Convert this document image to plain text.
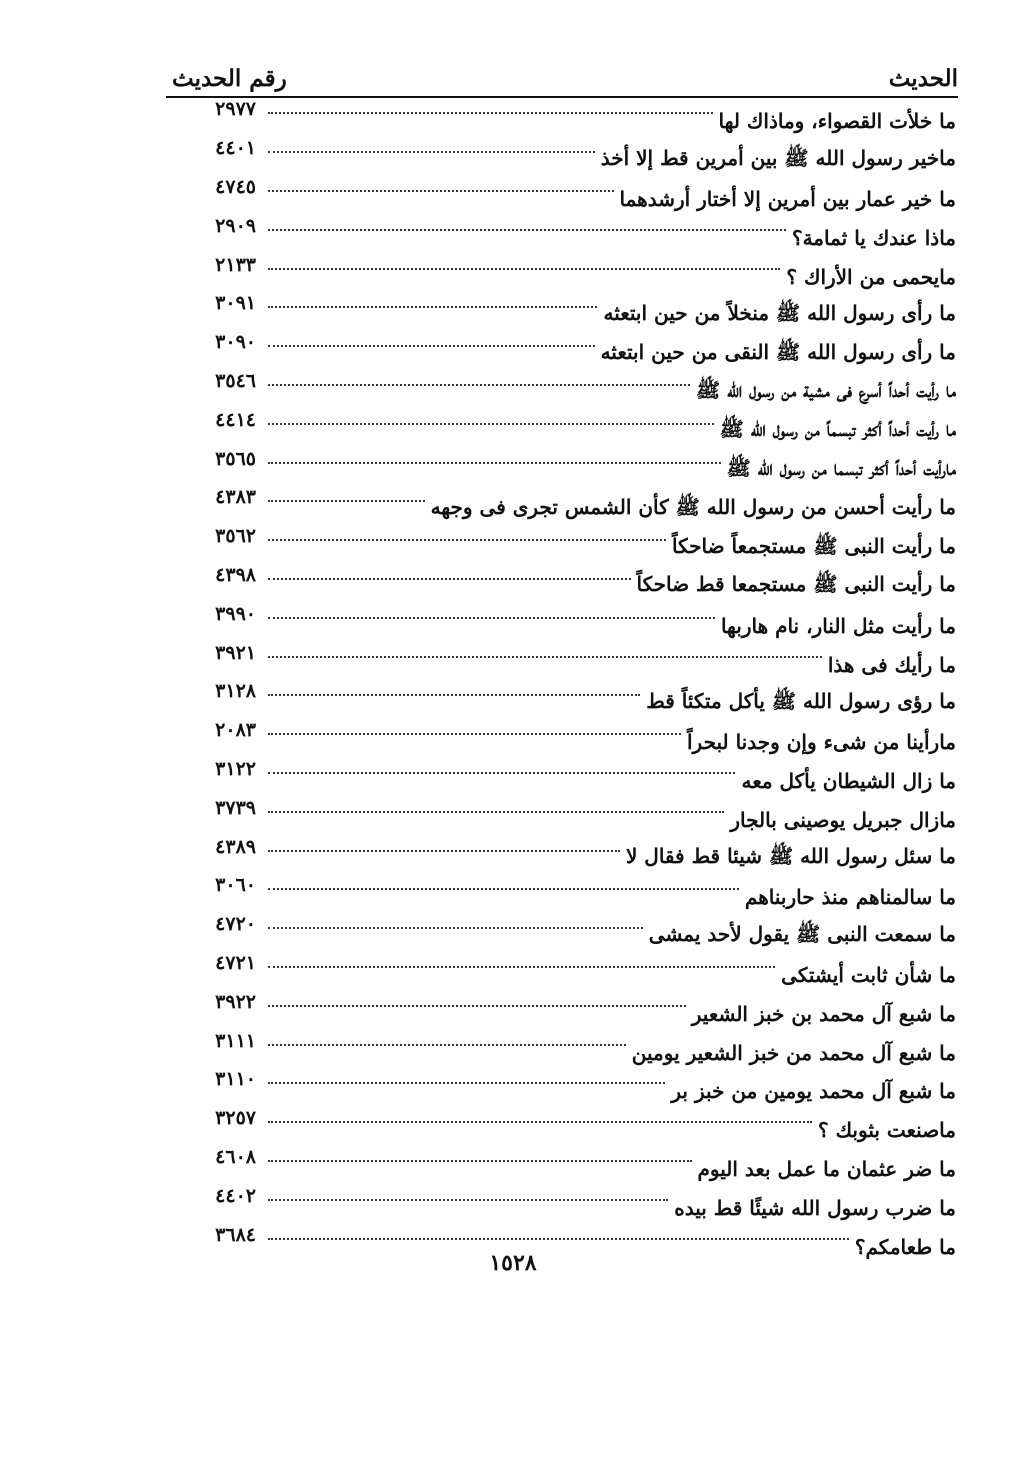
الحديث
رقم الحديث
ما خلأت القصواء، وماذاك لها
٢٩٧٧
ماخير رسول الله ﷺ بين أمرين قط إلا أخذ
٤٤٠١
ما خير عمار بين أمرين إلا أختار أرشدهما
٤٧٤٥
ماذا عندك يا ثمامة؟
٢٩٠٩
مايحمى من الأراك ؟
٢١٣٣
ما رأى رسول الله ﷺ منخلاً من حين ابتعثه
٣٠٩١
ما رأى رسول الله ﷺ النقى من حين ابتعثه
٣٠٩٠
ما رأيت أحداً أسرع فى مشية من رسول الله ﷺ
٣٥٤٦
ما رأيت أحداً أكثر تبسماً من رسول الله ﷺ
٤٤١٤
مارأيت أحداً أكثر تبسما من رسول الله ﷺ
٣٥٦٥
ما رأيت أحسن من رسول الله ﷺ كأن الشمس تجرى فى وجهه
٤٣٨٣
ما رأيت النبى ﷺ مستجمعاً ضاحكاً
٣٥٦٢
ما رأيت النبى ﷺ مستجمعا قط ضاحكاً
٤٣٩٨
ما رأيت مثل النار، نام هاربها
٣٩٩٠
ما رأيك فى هذا
٣٩٢١
ما رؤى رسول الله ﷺ يأكل متكئاً قط
٣١٢٨
مارأينا من شىء وإن وجدنا لبحراً
٢٠٨٣
ما زال الشيطان يأكل معه
٣١٢٢
مازال جبريل يوصينى بالجار
٣٧٣٩
ما سئل رسول الله ﷺ شيئا قط فقال لا
٤٣٨٩
ما سالمناهم منذ حاربناهم
٣٠٦٠
ما سمعت النبى ﷺ يقول لأحد يمشى
٤٧٢٠
ما شأن ثابت أيشتكى
٤٧٢١
ما شبع آل محمد بن خبز الشعير
٣٩٢٢
ما شبع آل محمد من خبز الشعير يومين
٣١١١
ما شبع آل محمد يومين من خبز بر
٣١١٠
ماصنعت بثوبك ؟
٣٢٥٧
ما ضر عثمان ما عمل بعد اليوم
٤٦٠٨
ما ضرب رسول الله شيئًا قط بيده
٤٤٠٢
ما طعامكم؟
٣٦٨٤
١٥٢٨
